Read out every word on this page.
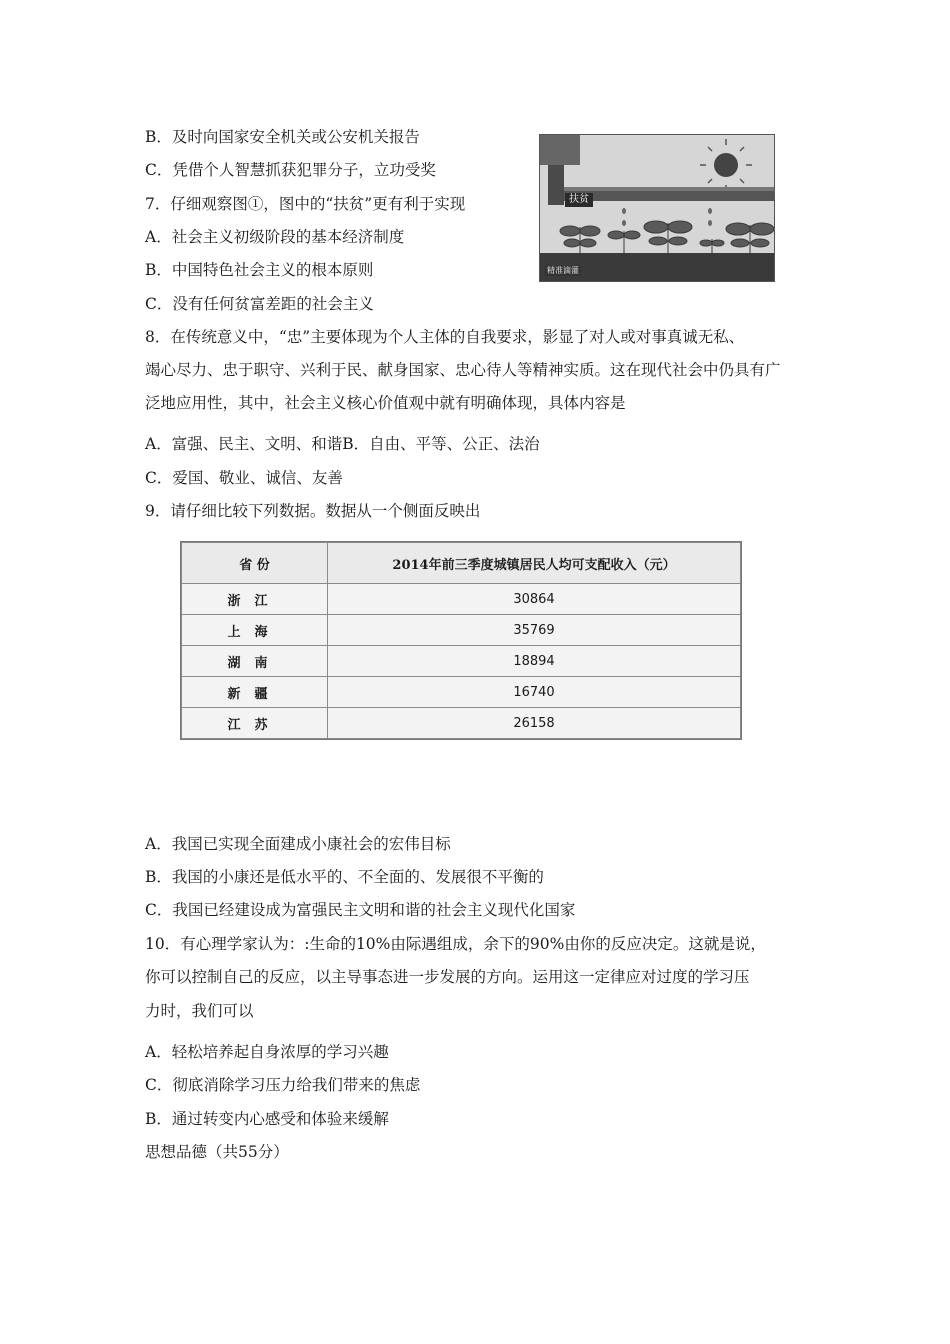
B．及时向国家安全机关或公安机关报告
C．凭借个人智慧抓获犯罪分子，立功受奖
7．仔细观察图①，图中的“扶贫”更有利于实现
A．社会主义初级阶段的基本经济制度
B．中国特色社会主义的根本原则
C．没有任何贫富差距的社会主义
扶贫
精准滴灌
8．在传统意义中，“忠”主要体现为个人主体的自我要求，影显了对人或对事真诚无私、
竭心尽力、忠于职守、兴利于民、献身国家、忠心待人等精神实质。这在现代社会中仍具有广
泛地应用性，其中，社会主义核心价值观中就有明确体现，具体内容是
A．富强、民主、文明、和谐B．自由、平等、公正、法治
C．爱国、敬业、诚信、友善
9．请仔细比较下列数据。数据从一个侧面反映出
省 份	2014年前三季度城镇居民人均可支配收入（元）
浙江	30864
上海	35769
湖南	18894
新疆	16740
江苏	26158
A．我国已实现全面建成小康社会的宏伟目标
B．我国的小康还是低水平的、不全面的、发展很不平衡的
C．我国已经建设成为富强民主文明和谐的社会主义现代化国家
10．有心理学家认为：:生命的10%由际遇组成，余下的90%由你的反应决定。这就是说，
你可以控制自己的反应，以主导事态进一步发展的方向。运用这一定律应对过度的学习压
力时，我们可以
A．轻松培养起自身浓厚的学习兴趣
C．彻底消除学习压力给我们带来的焦虑
B．通过转变内心感受和体验来缓解
思想品德（共55分）
